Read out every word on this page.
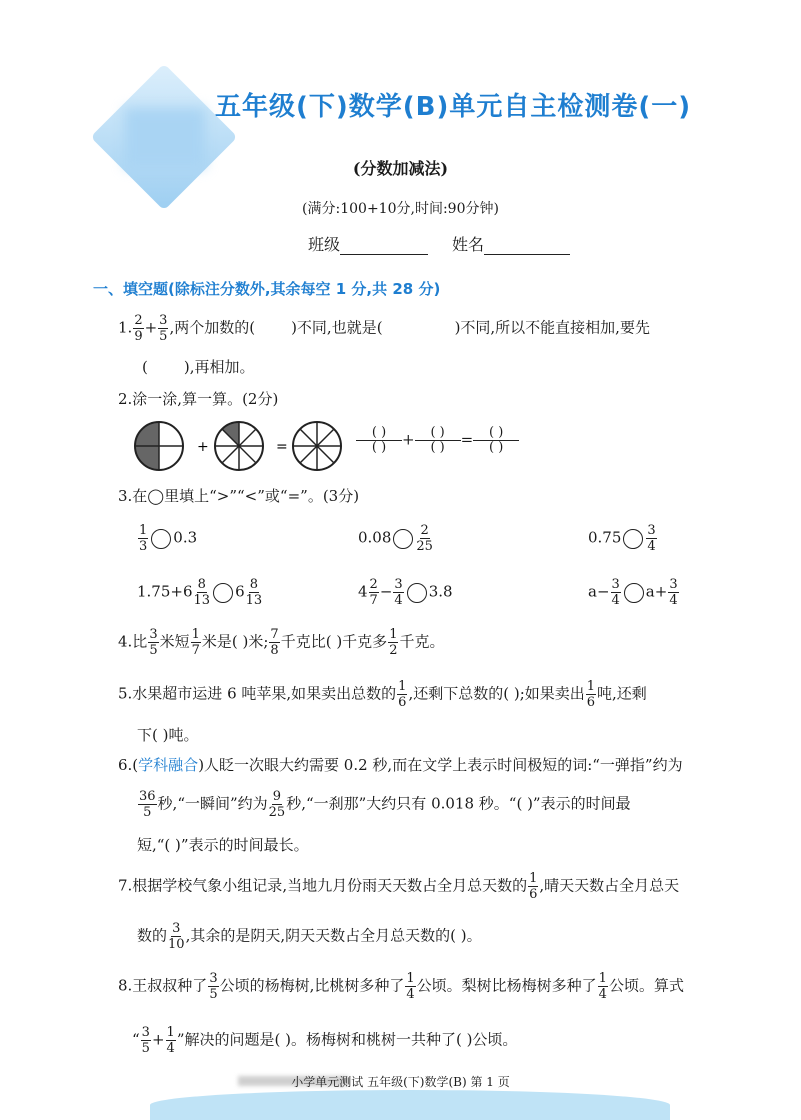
五年级(下)数学(B)单元自主检测卷(一)
(分数加减法)
(满分:100+10分,时间:90分钟)
班级	姓名
一、填空题(除标注分数外,其余每空 1 分,共 28 分)
1. $\frac{2}{9} + \frac{3}{5}$ ,两个加数的( )不同,也就是(	)不同,所以不能直接相加,要先
( ),再相加。
2.涂一涂,算一算。(2分)
+	=	$\frac{( )}{( )} + \frac{( )}{( )} = \frac{( )}{( )}$
3.在◯里填上“>”“<”或“=”。(3分)
$\frac{1}{3} 0.3$	$0.08 \frac{2}{25}$	$0.75 \frac{3}{4}$
$1.75+6 \frac{8}{13} 6 \frac{8}{13}$	$4 \frac{2}{7} - \frac{3}{4} 3.8$	$a- \frac{3}{4} a+ \frac{3}{4}$
4.比 $\frac{3}{5}$ 米短 $\frac{1}{7}$ 米是( )米; $\frac{7}{8}$ 千克比( )千克多 $\frac{1}{2}$ 千克。
5.水果超市运进 6 吨苹果,如果卖出总数的 $\frac{1}{6}$ ,还剩下总数的( );如果卖出 $\frac{1}{6}$ 吨,还剩
下( )吨。
6.(学科融合)人眨一次眼大约需要 0.2 秒,而在文学上表示时间极短的词:“一弹指”约为
$\frac{36}{5}$ 秒,“一瞬间”约为 $\frac{9}{25}$ 秒,“一刹那”大约只有 0.018 秒。“( )”表示的时间最
短,“( )”表示的时间最长。
7.根据学校气象小组记录,当地九月份雨天天数占全月总天数的 $\frac{1}{6}$ ,晴天天数占全月总天
数的 $\frac{3}{10}$ ,其余的是阴天,阴天天数占全月总天数的( )。
8.王叔叔种了 $\frac{3}{5}$ 公顷的杨梅树,比桃树多种了 $\frac{1}{4}$ 公顷。梨树比杨梅树多种了 $\frac{1}{4}$ 公顷。算式
“ $\frac{3}{5} + \frac{1}{4}$ ”解决的问题是( )。杨梅树和桃树一共种了( )公顷。
小学单元测试 五年级(下)数学(B) 第 1 页
